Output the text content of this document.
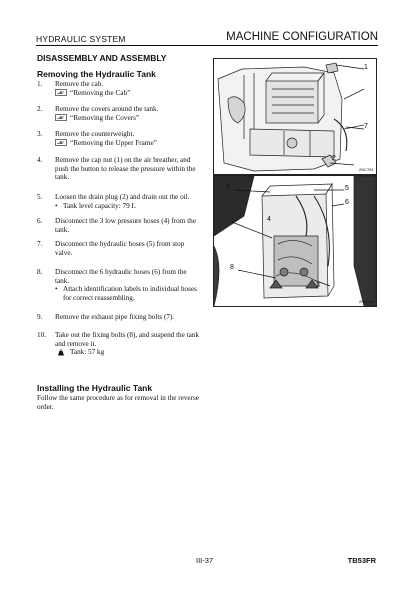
HYDRAULIC SYSTEM	MACHINE CONFIGURATION
DISASSEMBLY AND ASSEMBLY
Removing the Hydraulic Tank
1. Remove the cab.
“Removing the Cab”
2. Remove the covers around the tank.
“Removing the Covers”
3. Remove the counterweight.
“Removing the Upper Frame”
4. Remove the cap nut (1) on the air breather, and push the button to release the pressure within the tank.
5. Loosen the drain plug (2) and drain out the oil.
• Tank level capacity: 79 L
6. Disconnect the 3 low pressure hoses (4) from the tank.
7. Disconnect the hydraulic hoses (5) from stop valve.
8. Disconnect the 6 hydraulic hoses (6) from the tank.
• Attach identification labels to individual hoses for correct reassembling.
9. Remove the exhaust pipe fixing bolts (7).
10. Take out the fixing bolts (8), and suspend the tank and remove it.
Tank: 57 kg
Installing the Hydraulic Tank
Follow the same procedure as for removal in the reverse order.
1
7
2
2NC781
1	5
4
8
6
3
2NC788
III-37	TB53FR
